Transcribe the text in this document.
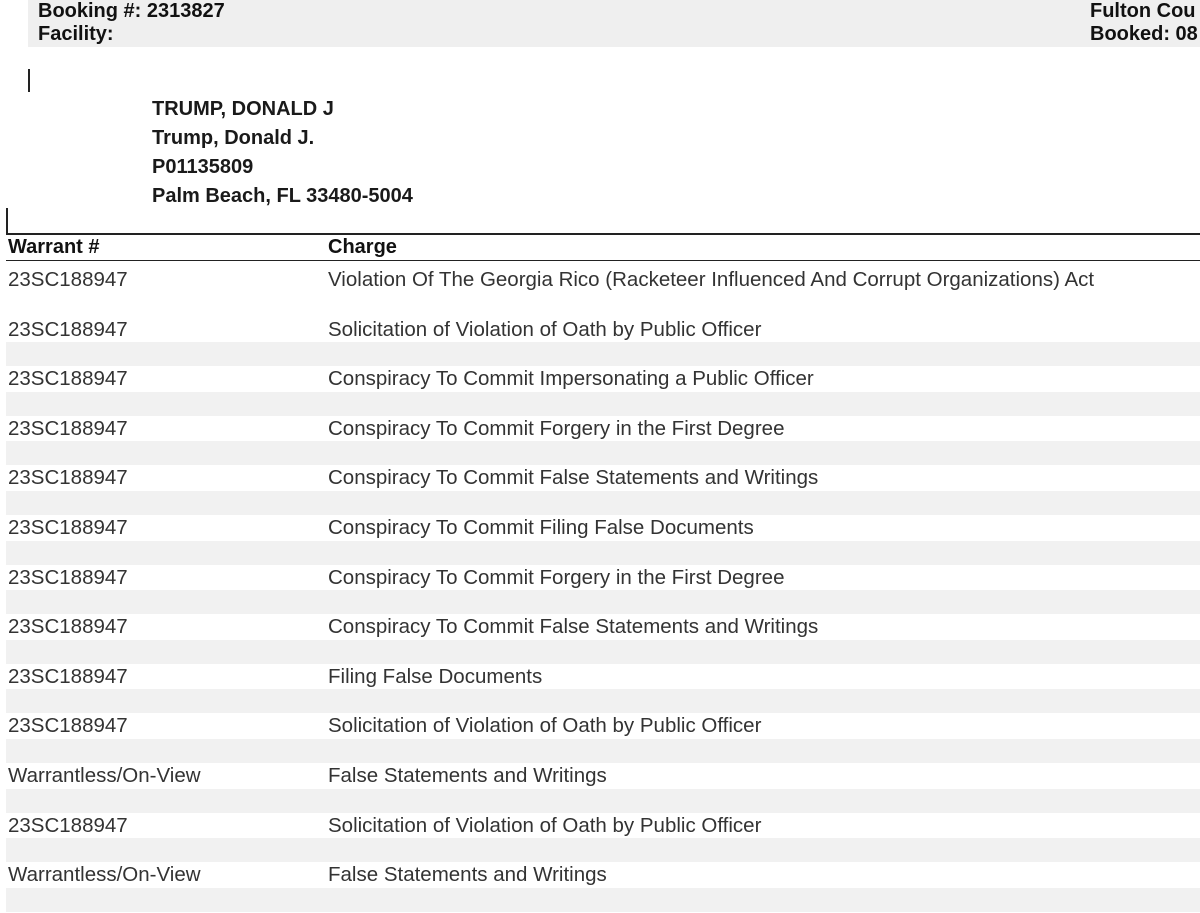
Booking #: 2313827
Facility:
Fulton Cou
Booked: 08
TRUMP, DONALD J
Trump, Donald J.
P01135809
Palm Beach, FL 33480-5004
Warrant #	Charge
23SC188947	Violation Of The Georgia Rico (Racketeer Influenced And Corrupt Organizations) Act
23SC188947	Solicitation of Violation of Oath by Public Officer
23SC188947	Conspiracy To Commit Impersonating a Public Officer
23SC188947	Conspiracy To Commit Forgery in the First Degree
23SC188947	Conspiracy To Commit False Statements and Writings
23SC188947	Conspiracy To Commit Filing False Documents
23SC188947	Conspiracy To Commit Forgery in the First Degree
23SC188947	Conspiracy To Commit False Statements and Writings
23SC188947	Filing False Documents
23SC188947	Solicitation of Violation of Oath by Public Officer
Warrantless/On-View	False Statements and Writings
23SC188947	Solicitation of Violation of Oath by Public Officer
Warrantless/On-View	False Statements and Writings
